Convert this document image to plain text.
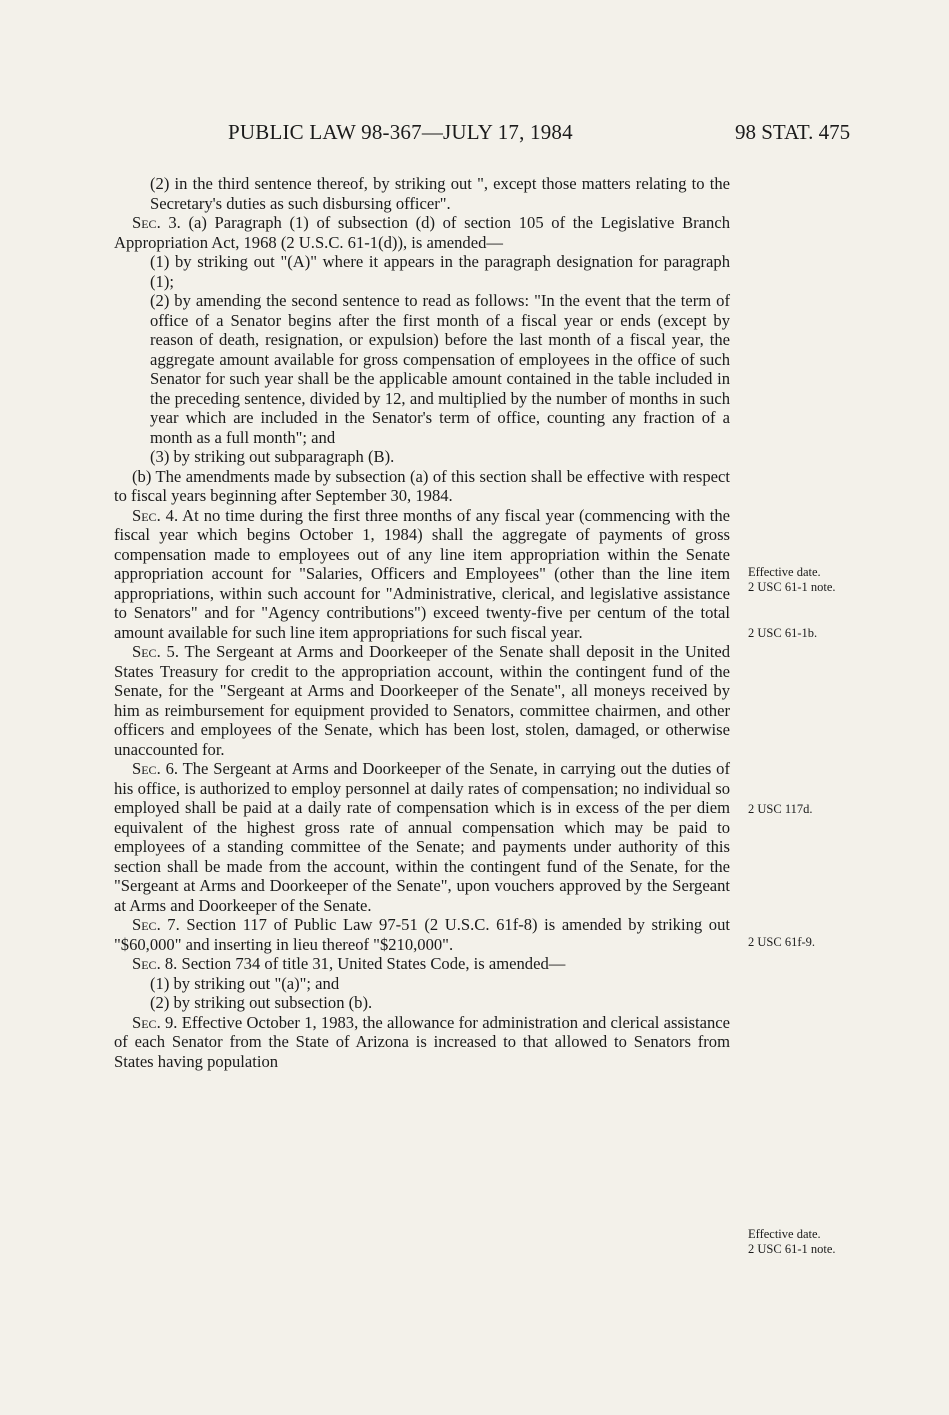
PUBLIC LAW 98-367—JULY 17, 1984	98 STAT. 475

(2) in the third sentence thereof, by striking out ", except those matters relating to the Secretary's duties as such disbursing officer".

Sec. 3. (a) Paragraph (1) of subsection (d) of section 105 of the Legislative Branch Appropriation Act, 1968 (2 U.S.C. 61-1(d)), is amended—

(1) by striking out "(A)" where it appears in the paragraph designation for paragraph (1);

(2) by amending the second sentence to read as follows: "In the event that the term of office of a Senator begins after the first month of a fiscal year or ends (except by reason of death, resignation, or expulsion) before the last month of a fiscal year, the aggregate amount available for gross compensation of employees in the office of such Senator for such year shall be the applicable amount contained in the table included in the preceding sentence, divided by 12, and multiplied by the number of months in such year which are included in the Senator's term of office, counting any fraction of a month as a full month"; and

(3) by striking out subparagraph (B).

(b) The amendments made by subsection (a) of this section shall be effective with respect to fiscal years beginning after September 30, 1984.

Sec. 4. At no time during the first three months of any fiscal year (commencing with the fiscal year which begins October 1, 1984) shall the aggregate of payments of gross compensation made to employees out of any line item appropriation within the Senate appropriation account for "Salaries, Officers and Employees" (other than the line item appropriations, within such account for "Administrative, clerical, and legislative assistance to Senators" and for "Agency contributions") exceed twenty-five per centum of the total amount available for such line item appropriations for such fiscal year.

Sec. 5. The Sergeant at Arms and Doorkeeper of the Senate shall deposit in the United States Treasury for credit to the appropriation account, within the contingent fund of the Senate, for the "Sergeant at Arms and Doorkeeper of the Senate", all moneys received by him as reimbursement for equipment provided to Senators, committee chairmen, and other officers and employees of the Senate, which has been lost, stolen, damaged, or otherwise unaccounted for.

Sec. 6. The Sergeant at Arms and Doorkeeper of the Senate, in carrying out the duties of his office, is authorized to employ personnel at daily rates of compensation; no individual so employed shall be paid at a daily rate of compensation which is in excess of the per diem equivalent of the highest gross rate of annual compensation which may be paid to employees of a standing committee of the Senate; and payments under authority of this section shall be made from the account, within the contingent fund of the Senate, for the "Sergeant at Arms and Doorkeeper of the Senate", upon vouchers approved by the Sergeant at Arms and Doorkeeper of the Senate.

Sec. 7. Section 117 of Public Law 97-51 (2 U.S.C. 61f-8) is amended by striking out "$60,000" and inserting in lieu thereof "$210,000".

Sec. 8. Section 734 of title 31, United States Code, is amended—

(1) by striking out "(a)"; and

(2) by striking out subsection (b).

Sec. 9. Effective October 1, 1983, the allowance for administration and clerical assistance of each Senator from the State of Arizona is increased to that allowed to Senators from States having population

Effective date.
2 USC 61-1 note.
2 USC 61-1b.
2 USC 117d.
2 USC 61f-9.
Effective date.
2 USC 61-1 note.
